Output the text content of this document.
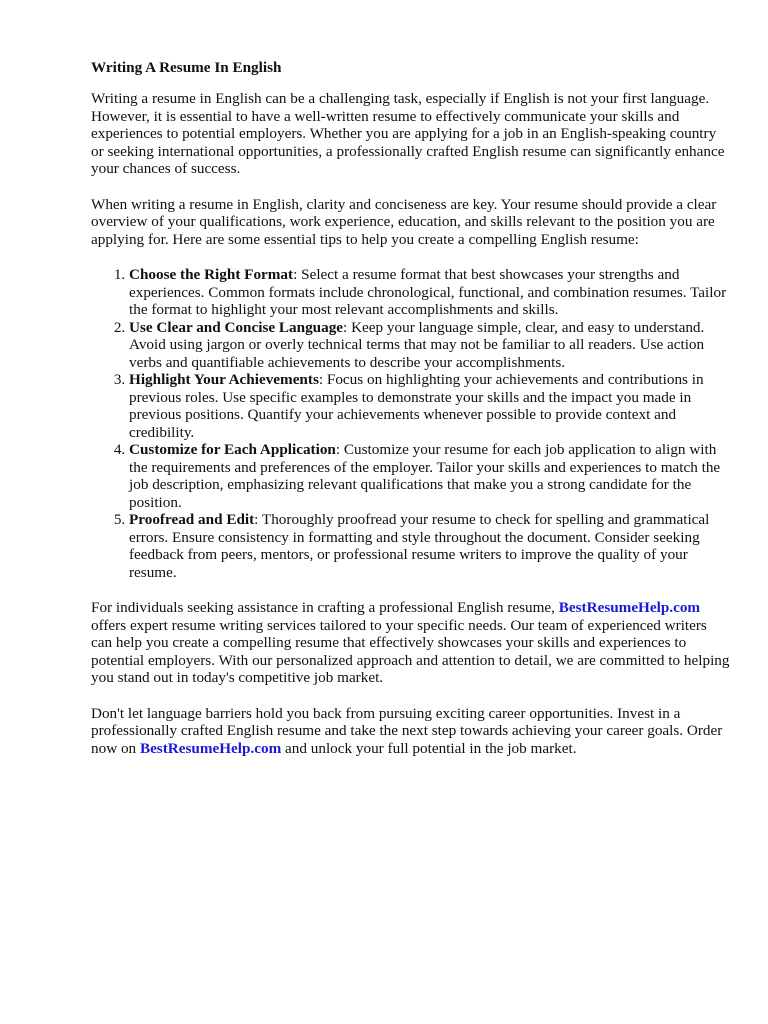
Writing A Resume In English

Writing a resume in English can be a challenging task, especially if English is not your first language. However, it is essential to have a well-written resume to effectively communicate your skills and experiences to potential employers. Whether you are applying for a job in an English-speaking country or seeking international opportunities, a professionally crafted English resume can significantly enhance your chances of success.

When writing a resume in English, clarity and conciseness are key. Your resume should provide a clear overview of your qualifications, work experience, education, and skills relevant to the position you are applying for. Here are some essential tips to help you create a compelling English resume:

1. Choose the Right Format: Select a resume format that best showcases your strengths and experiences. Common formats include chronological, functional, and combination resumes. Tailor the format to highlight your most relevant accomplishments and skills.
2. Use Clear and Concise Language: Keep your language simple, clear, and easy to understand. Avoid using jargon or overly technical terms that may not be familiar to all readers. Use action verbs and quantifiable achievements to describe your accomplishments.
3. Highlight Your Achievements: Focus on highlighting your achievements and contributions in previous roles. Use specific examples to demonstrate your skills and the impact you made in previous positions. Quantify your achievements whenever possible to provide context and credibility.
4. Customize for Each Application: Customize your resume for each job application to align with the requirements and preferences of the employer. Tailor your skills and experiences to match the job description, emphasizing relevant qualifications that make you a strong candidate for the position.
5. Proofread and Edit: Thoroughly proofread your resume to check for spelling and grammatical errors. Ensure consistency in formatting and style throughout the document. Consider seeking feedback from peers, mentors, or professional resume writers to improve the quality of your resume.

For individuals seeking assistance in crafting a professional English resume, BestResumeHelp.com offers expert resume writing services tailored to your specific needs. Our team of experienced writers can help you create a compelling resume that effectively showcases your skills and experiences to potential employers. With our personalized approach and attention to detail, we are committed to helping you stand out in today's competitive job market.

Don't let language barriers hold you back from pursuing exciting career opportunities. Invest in a professionally crafted English resume and take the next step towards achieving your career goals. Order now on BestResumeHelp.com and unlock your full potential in the job market.
